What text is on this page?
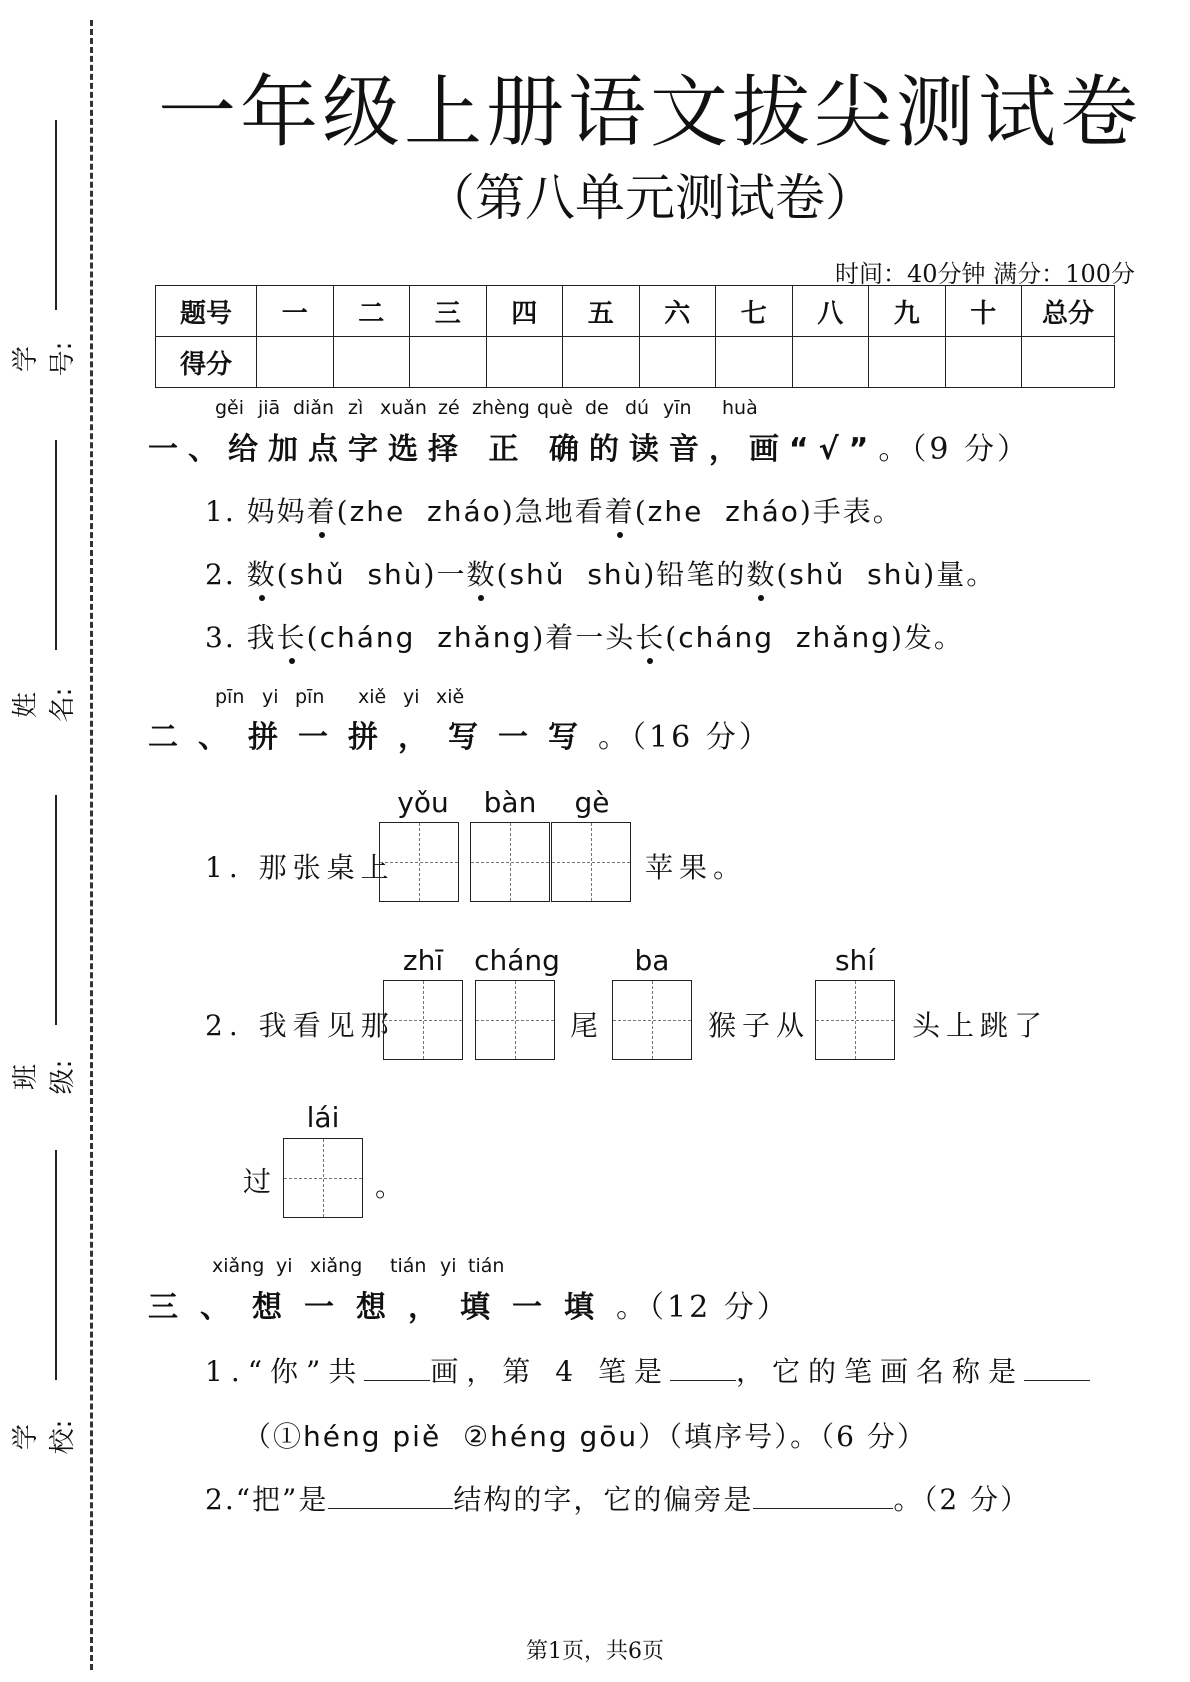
学号:
姓名:
班级:
学校:
一年级上册语文拔尖测试卷
（第八单元测试卷）
时间：40分钟 满分：100分
题号	一	二	三	四	五	六	七	八	九	十	总分
得分											
gěi jiā diǎn zì xuǎn zé zhèng què de dú yīn huà
一、给加点字选择 正 确的读音，画“√”。（9 分）
1. 妈妈着(zhe  zháo)急地看着(zhe  zháo)手表。
2. 数(shǔ  shù)一数(shǔ  shù)铅笔的数(shǔ  shù)量。
3. 我长(cháng  zhǎng)着一头长(cháng  zhǎng)发。
pīn yi pīn xiě yi xiě
二、拼一拼，写一写。（16 分）
yǒu	bàn	gè
1. 那张桌上	苹果。
zhī	cháng	ba	shí
2. 我看见那	尾	猴子从	头上跳了
lái
过	。
xiǎng yi xiǎng tián yi tián
三、想一想，填一填。（12 分）
1.“你”共 画，第 4 笔是 ，它的笔画名称是
（①héng piě  ②héng gōu）（填序号）。（6 分）
2.“把”是	结构的字，它的偏旁是	。（2 分）
第1页，共6页
